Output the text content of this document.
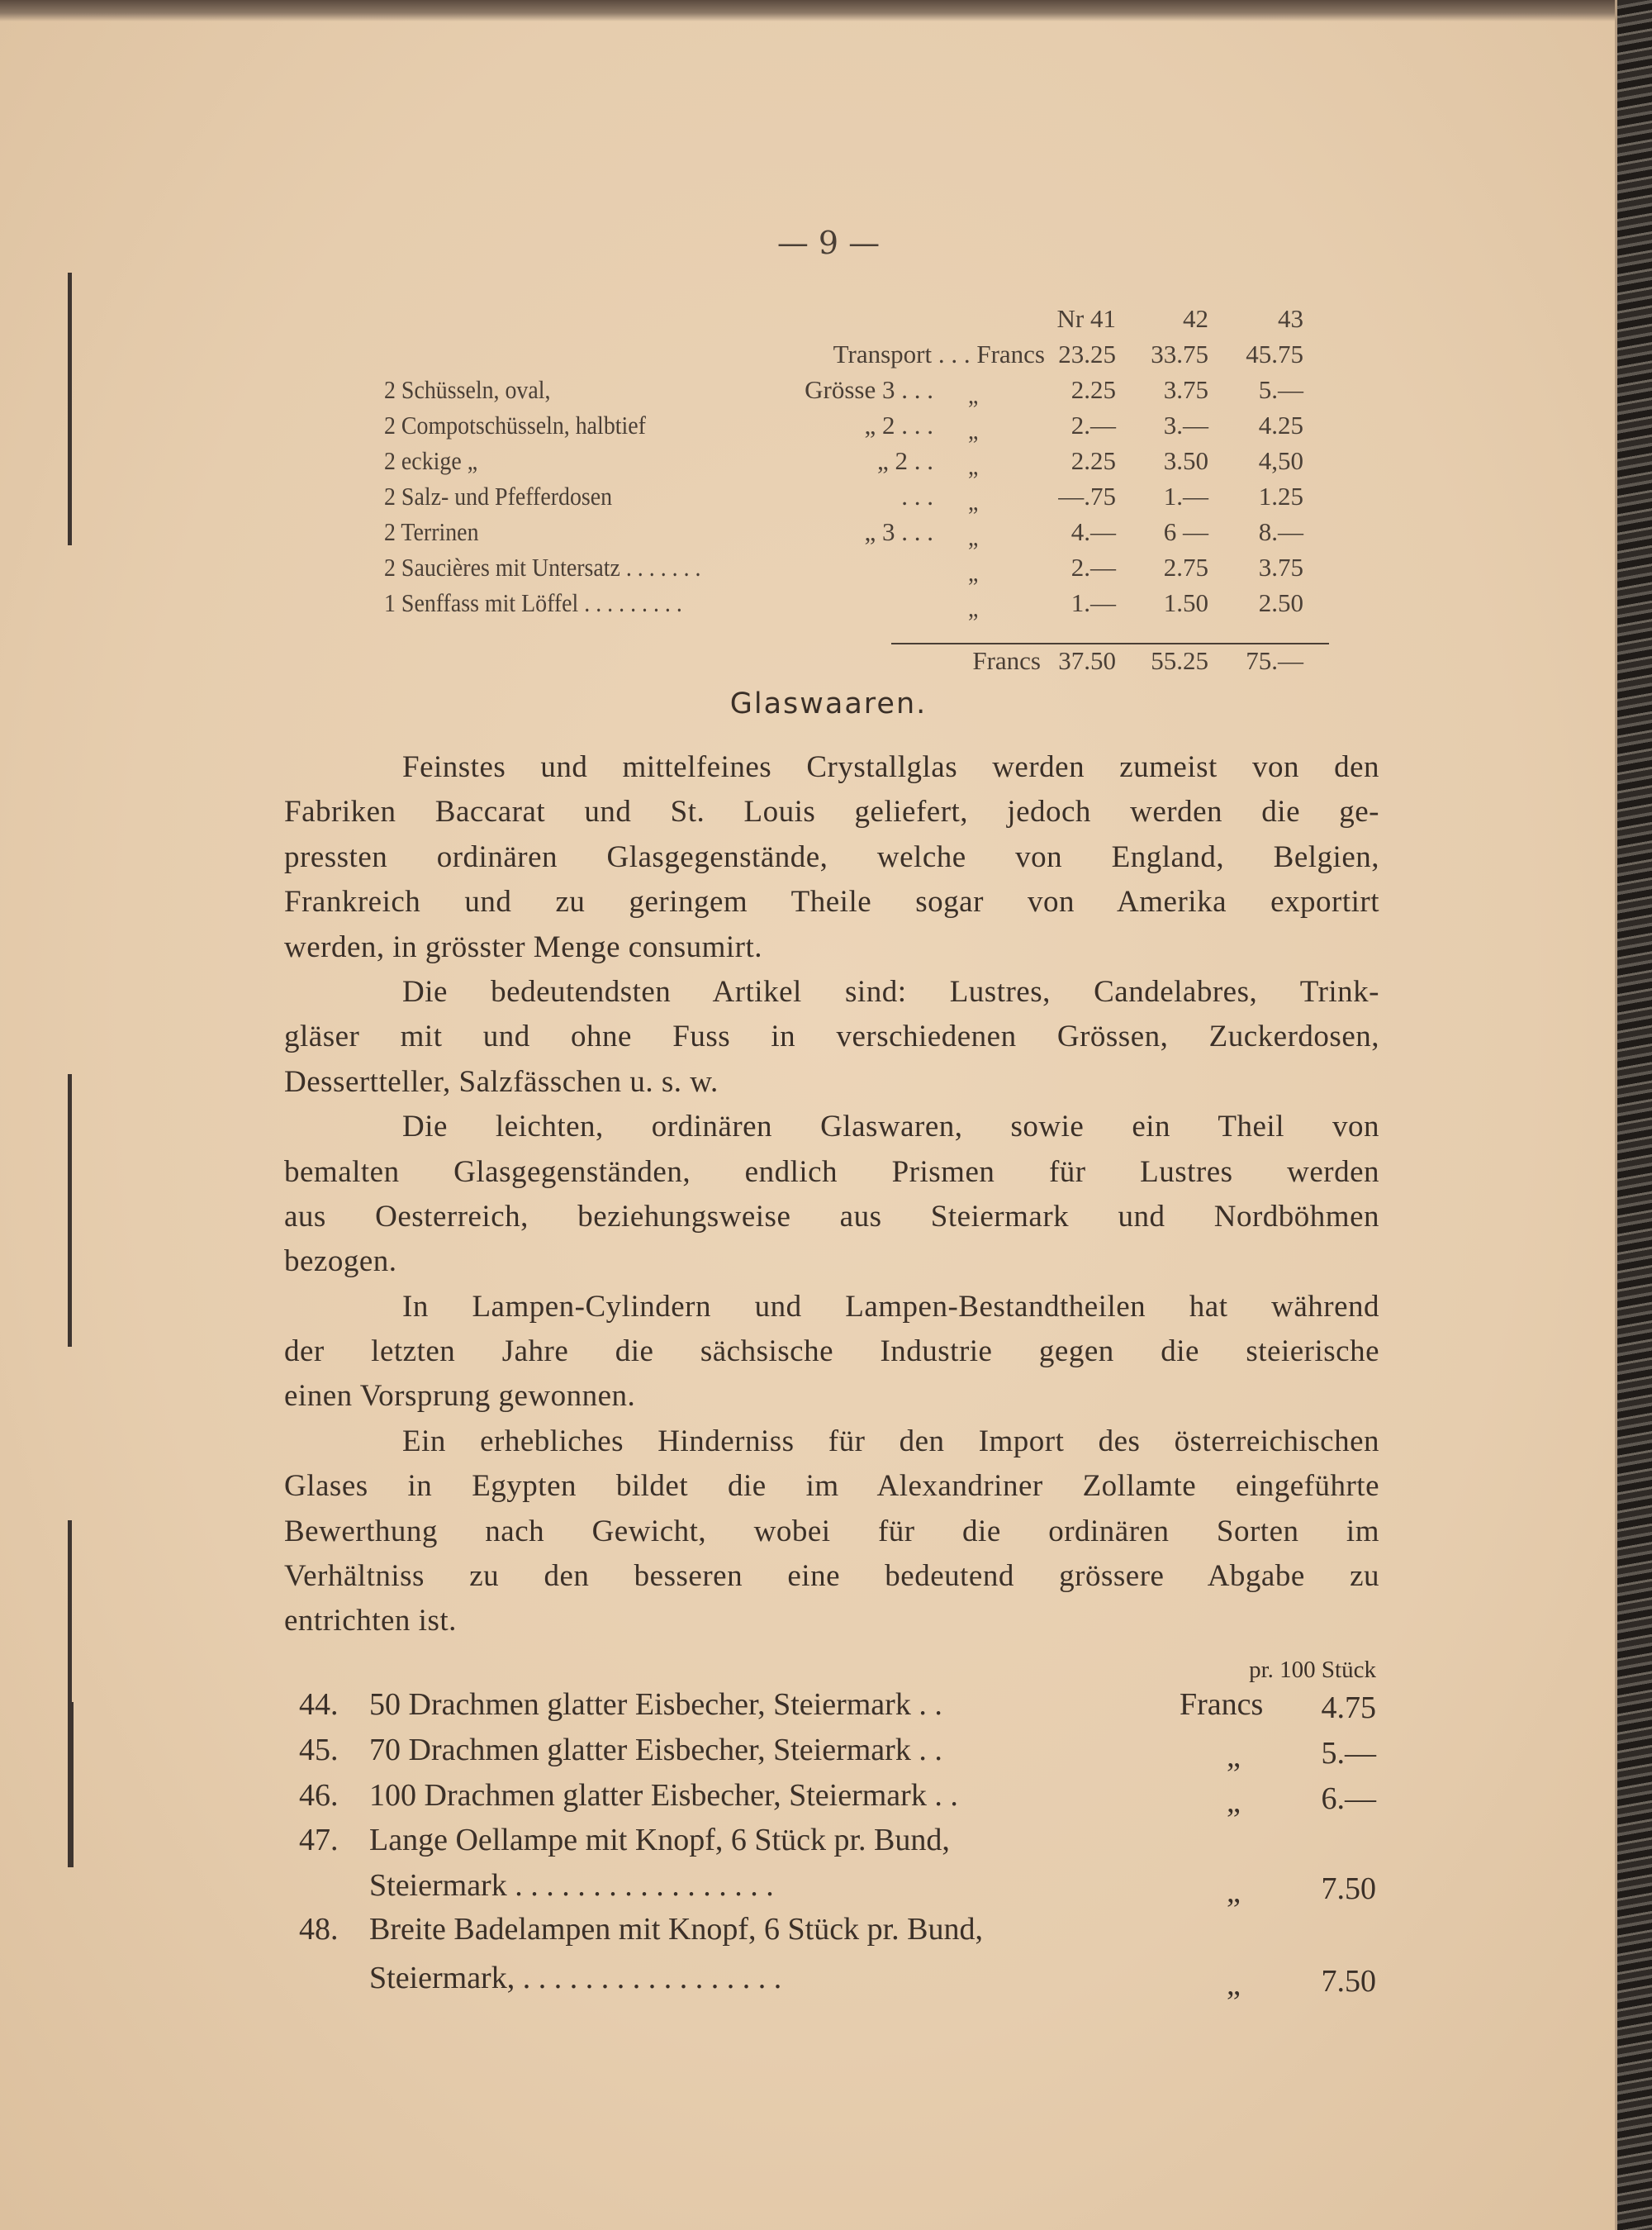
— 9 —
Nr 41	42	43
Transport . . . Francs 23.25 33.75 45.75
2 Schüsseln, oval,	Grösse 3 . . . „	2.25 3.75 5.—
2 Compotschüsseln, halbtief	„ 2 . . . „	2.— 3.— 4.25
2 eckige „	„ 2 . . „	2.25 3.50 4,50
2 Salz- und Pfefferdosen	. . . „	—.75 1.— 1.25
2 Terrinen	„ 3 . . . „	4.— 6 — 8.—
2 Saucières mit Untersatz . . . . . . .	„	2.— 2.75 3.75
1 Senffass mit Löffel . . . . . . . . .	„	1.— 1.50 2.50
Francs 37.50 55.25 75.—
Glaswaaren.
Feinstes und mittelfeines Crystallglas werden zumeist von den
Fabriken Baccarat und St. Louis geliefert, jedoch werden die ge-
pressten ordinären Glasgegenstände, welche von England, Belgien,
Frankreich und zu geringem Theile sogar von Amerika exportirt
werden, in grösster Menge consumirt.
Die bedeutendsten Artikel sind: Lustres, Candelabres, Trink-
gläser mit und ohne Fuss in verschiedenen Grössen, Zuckerdosen,
Dessertteller, Salzfässchen u. s. w.
Die leichten, ordinären Glaswaren, sowie ein Theil von
bemalten Glasgegenständen, endlich Prismen für Lustres werden
aus Oesterreich, beziehungsweise aus Steiermark und Nordböhmen
bezogen.
In Lampen-Cylindern und Lampen-Bestandtheilen hat während
der letzten Jahre die sächsische Industrie gegen die steierische
einen Vorsprung gewonnen.
Ein erhebliches Hinderniss für den Import des österreichischen
Glases in Egypten bildet die im Alexandriner Zollamte eingeführte
Bewerthung nach Gewicht, wobei für die ordinären Sorten im
Verhältniss zu den besseren eine bedeutend grössere Abgabe zu
entrichten ist.
pr. 100 Stück
44. 50 Drachmen glatter Eisbecher, Steiermark . .	Francs 4.75
45. 70 Drachmen glatter Eisbecher, Steiermark . .	„	5.—
46. 100 Drachmen glatter Eisbecher, Steiermark . .	„	6.—
47. Lange Oellampe mit Knopf, 6 Stück pr. Bund,
Steiermark . . . . . . . . . . . . . . . . .	„	7.50
48. Breite Badelampen mit Knopf, 6 Stück pr. Bund,
Steiermark, . . . . . . . . . . . . . . . . .	„	7.50
